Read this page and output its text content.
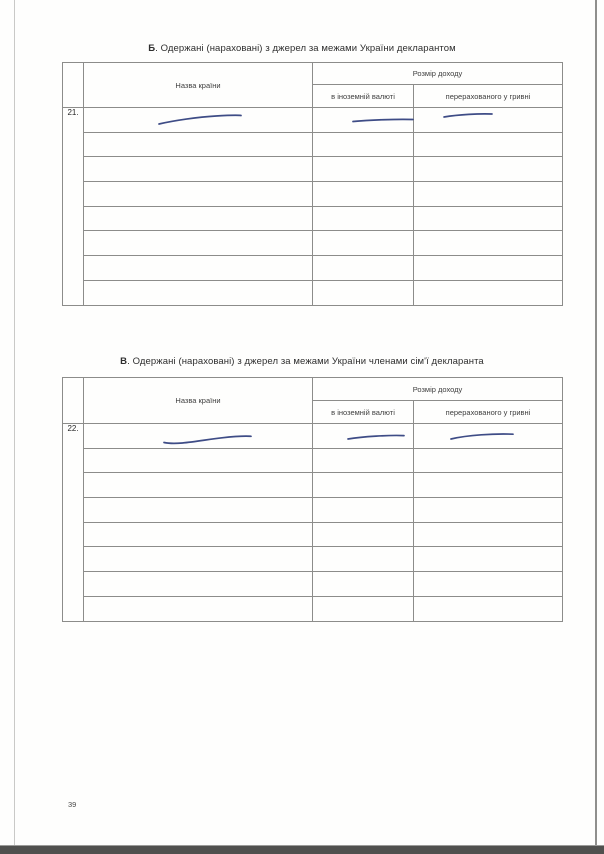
Б. Одержані (нараховані) з джерел за межами України декларантом
	Назва країни	Розмір доходу	
		в іноземній валюті	перерахованого у гривні
21.			

В. Одержані (нараховані) з джерел за межами України членами сім'ї декларанта
	Назва країни	Розмір доходу	
		в іноземній валюті	перерахованого у гривні
22.			

39
